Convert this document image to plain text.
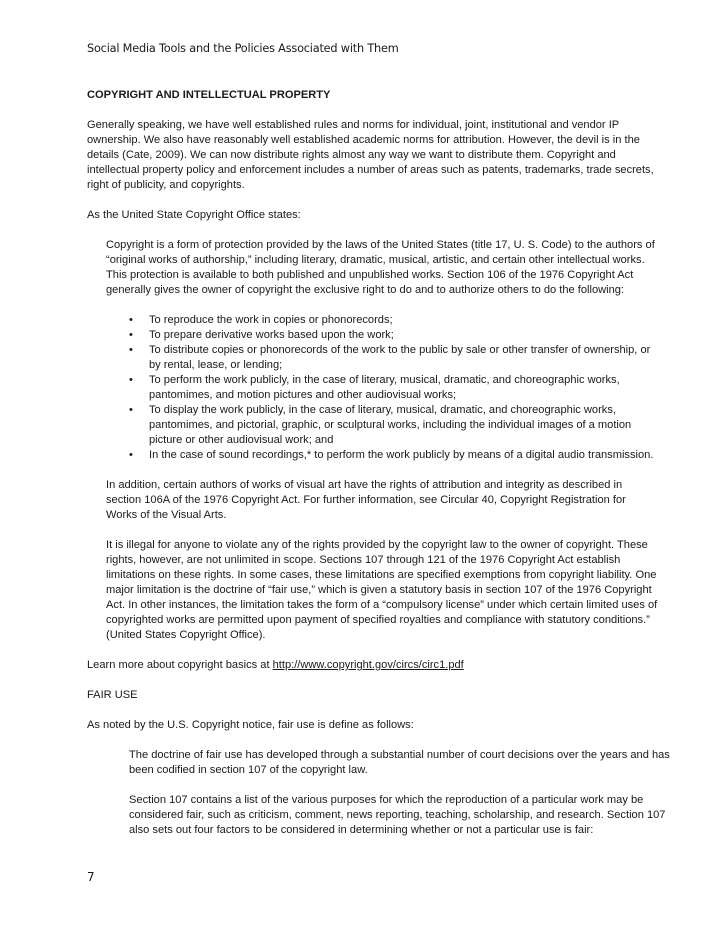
Social Media Tools and the Policies Associated with Them
COPYRIGHT AND INTELLECTUAL PROPERTY

Generally speaking, we have well established rules and norms for individual, joint, institutional and vendor IP ownership. We also have reasonably well established academic norms for attribution. However, the devil is in the details (Cate, 2009). We can now distribute rights almost any way we want to distribute them. Copyright and intellectual property policy and enforcement includes a number of areas such as patents, trademarks, trade secrets, right of publicity, and copyrights.

As the United State Copyright Office states:

Copyright is a form of protection provided by the laws of the United States (title 17, U. S. Code) to the authors of “original works of authorship,” including literary, dramatic, musical, artistic, and certain other intellectual works. This protection is available to both published and unpublished works. Section 106 of the 1976 Copyright Act generally gives the owner of copyright the exclusive right to do and to authorize others to do the following:

• To reproduce the work in copies or phonorecords;
• To prepare derivative works based upon the work;
• To distribute copies or phonorecords of the work to the public by sale or other transfer of ownership, or by rental, lease, or lending;
• To perform the work publicly, in the case of literary, musical, dramatic, and choreographic works, pantomimes, and motion pictures and other audiovisual works;
• To display the work publicly, in the case of literary, musical, dramatic, and choreographic works, pantomimes, and pictorial, graphic, or sculptural works, including the individual images of a motion picture or other audiovisual work; and
• In the case of sound recordings,* to perform the work publicly by means of a digital audio transmission.

In addition, certain authors of works of visual art have the rights of attribution and integrity as described in section 106A of the 1976 Copyright Act. For further information, see Circular 40, Copyright Registration for Works of the Visual Arts.

It is illegal for anyone to violate any of the rights provided by the copyright law to the owner of copyright. These rights, however, are not unlimited in scope. Sections 107 through 121 of the 1976 Copyright Act establish limitations on these rights. In some cases, these limitations are specified exemptions from copyright liability. One major limitation is the doctrine of “fair use,” which is given a statutory basis in section 107 of the 1976 Copyright Act. In other instances, the limitation takes the form of a “compulsory license” under which certain limited uses of copyrighted works are permitted upon payment of specified royalties and compliance with statutory conditions.” (United States Copyright Office).

Learn more about copyright basics at http://www.copyright.gov/circs/circ1.pdf

FAIR USE

As noted by the U.S. Copyright notice, fair use is define as follows:

The doctrine of fair use has developed through a substantial number of court decisions over the years and has been codified in section 107 of the copyright law.

Section 107 contains a list of the various purposes for which the reproduction of a particular work may be considered fair, such as criticism, comment, news reporting, teaching, scholarship, and research. Section 107 also sets out four factors to be considered in determining whether or not a particular use is fair:

7
